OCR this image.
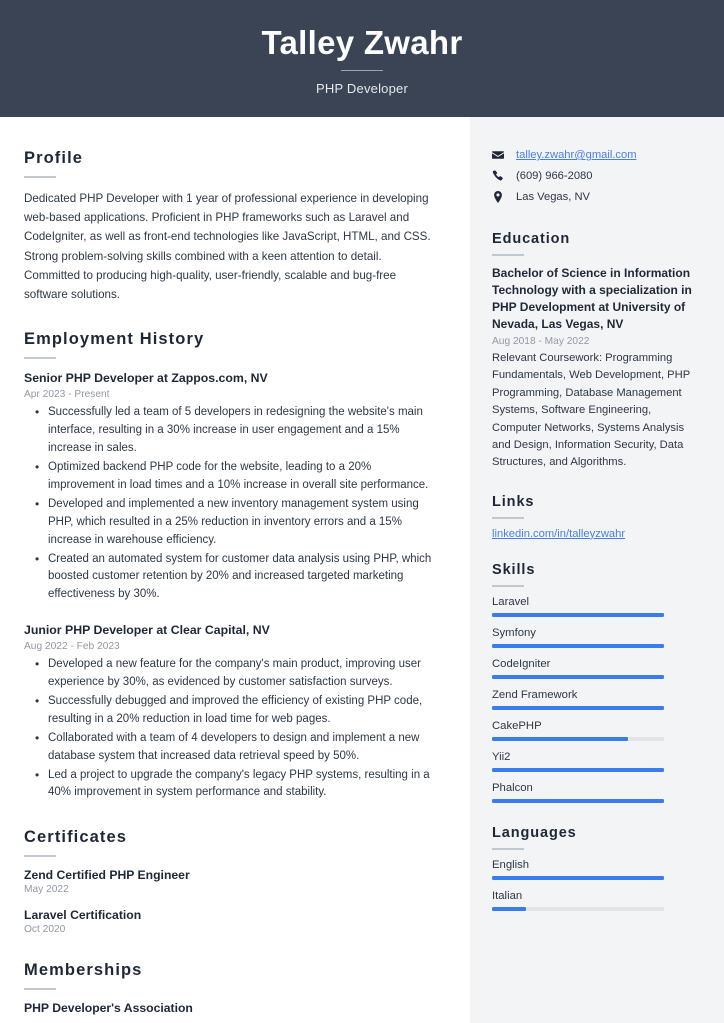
Talley Zwahr
PHP Developer
Profile
Dedicated PHP Developer with 1 year of professional experience in developing web-based applications. Proficient in PHP frameworks such as Laravel and CodeIgniter, as well as front-end technologies like JavaScript, HTML, and CSS. Strong problem-solving skills combined with a keen attention to detail. Committed to producing high-quality, user-friendly, scalable and bug-free software solutions.
Employment History
Senior PHP Developer at Zappos.com, NV
Apr 2023 - Present
• Successfully led a team of 5 developers in redesigning the website's main interface, resulting in a 30% increase in user engagement and a 15% increase in sales.
• Optimized backend PHP code for the website, leading to a 20% improvement in load times and a 10% increase in overall site performance.
• Developed and implemented a new inventory management system using PHP, which resulted in a 25% reduction in inventory errors and a 15% increase in warehouse efficiency.
• Created an automated system for customer data analysis using PHP, which boosted customer retention by 20% and increased targeted marketing effectiveness by 30%.
Junior PHP Developer at Clear Capital, NV
Aug 2022 - Feb 2023
• Developed a new feature for the company's main product, improving user experience by 30%, as evidenced by customer satisfaction surveys.
• Successfully debugged and improved the efficiency of existing PHP code, resulting in a 20% reduction in load time for web pages.
• Collaborated with a team of 4 developers to design and implement a new database system that increased data retrieval speed by 50%.
• Led a project to upgrade the company's legacy PHP systems, resulting in a 40% improvement in system performance and stability.
Certificates
Zend Certified PHP Engineer
May 2022
Laravel Certification
Oct 2020
Memberships
PHP Developer's Association
talley.zwahr@gmail.com
(609) 966-2080
Las Vegas, NV
Education
Bachelor of Science in Information Technology with a specialization in PHP Development at University of Nevada, Las Vegas, NV
Aug 2018 - May 2022
Relevant Coursework: Programming Fundamentals, Web Development, PHP Programming, Database Management Systems, Software Engineering, Computer Networks, Systems Analysis and Design, Information Security, Data Structures, and Algorithms.
Links
linkedin.com/in/talleyzwahr
Skills
Laravel
Symfony
CodeIgniter
Zend Framework
CakePHP
Yii2
Phalcon
Languages
English
Italian
